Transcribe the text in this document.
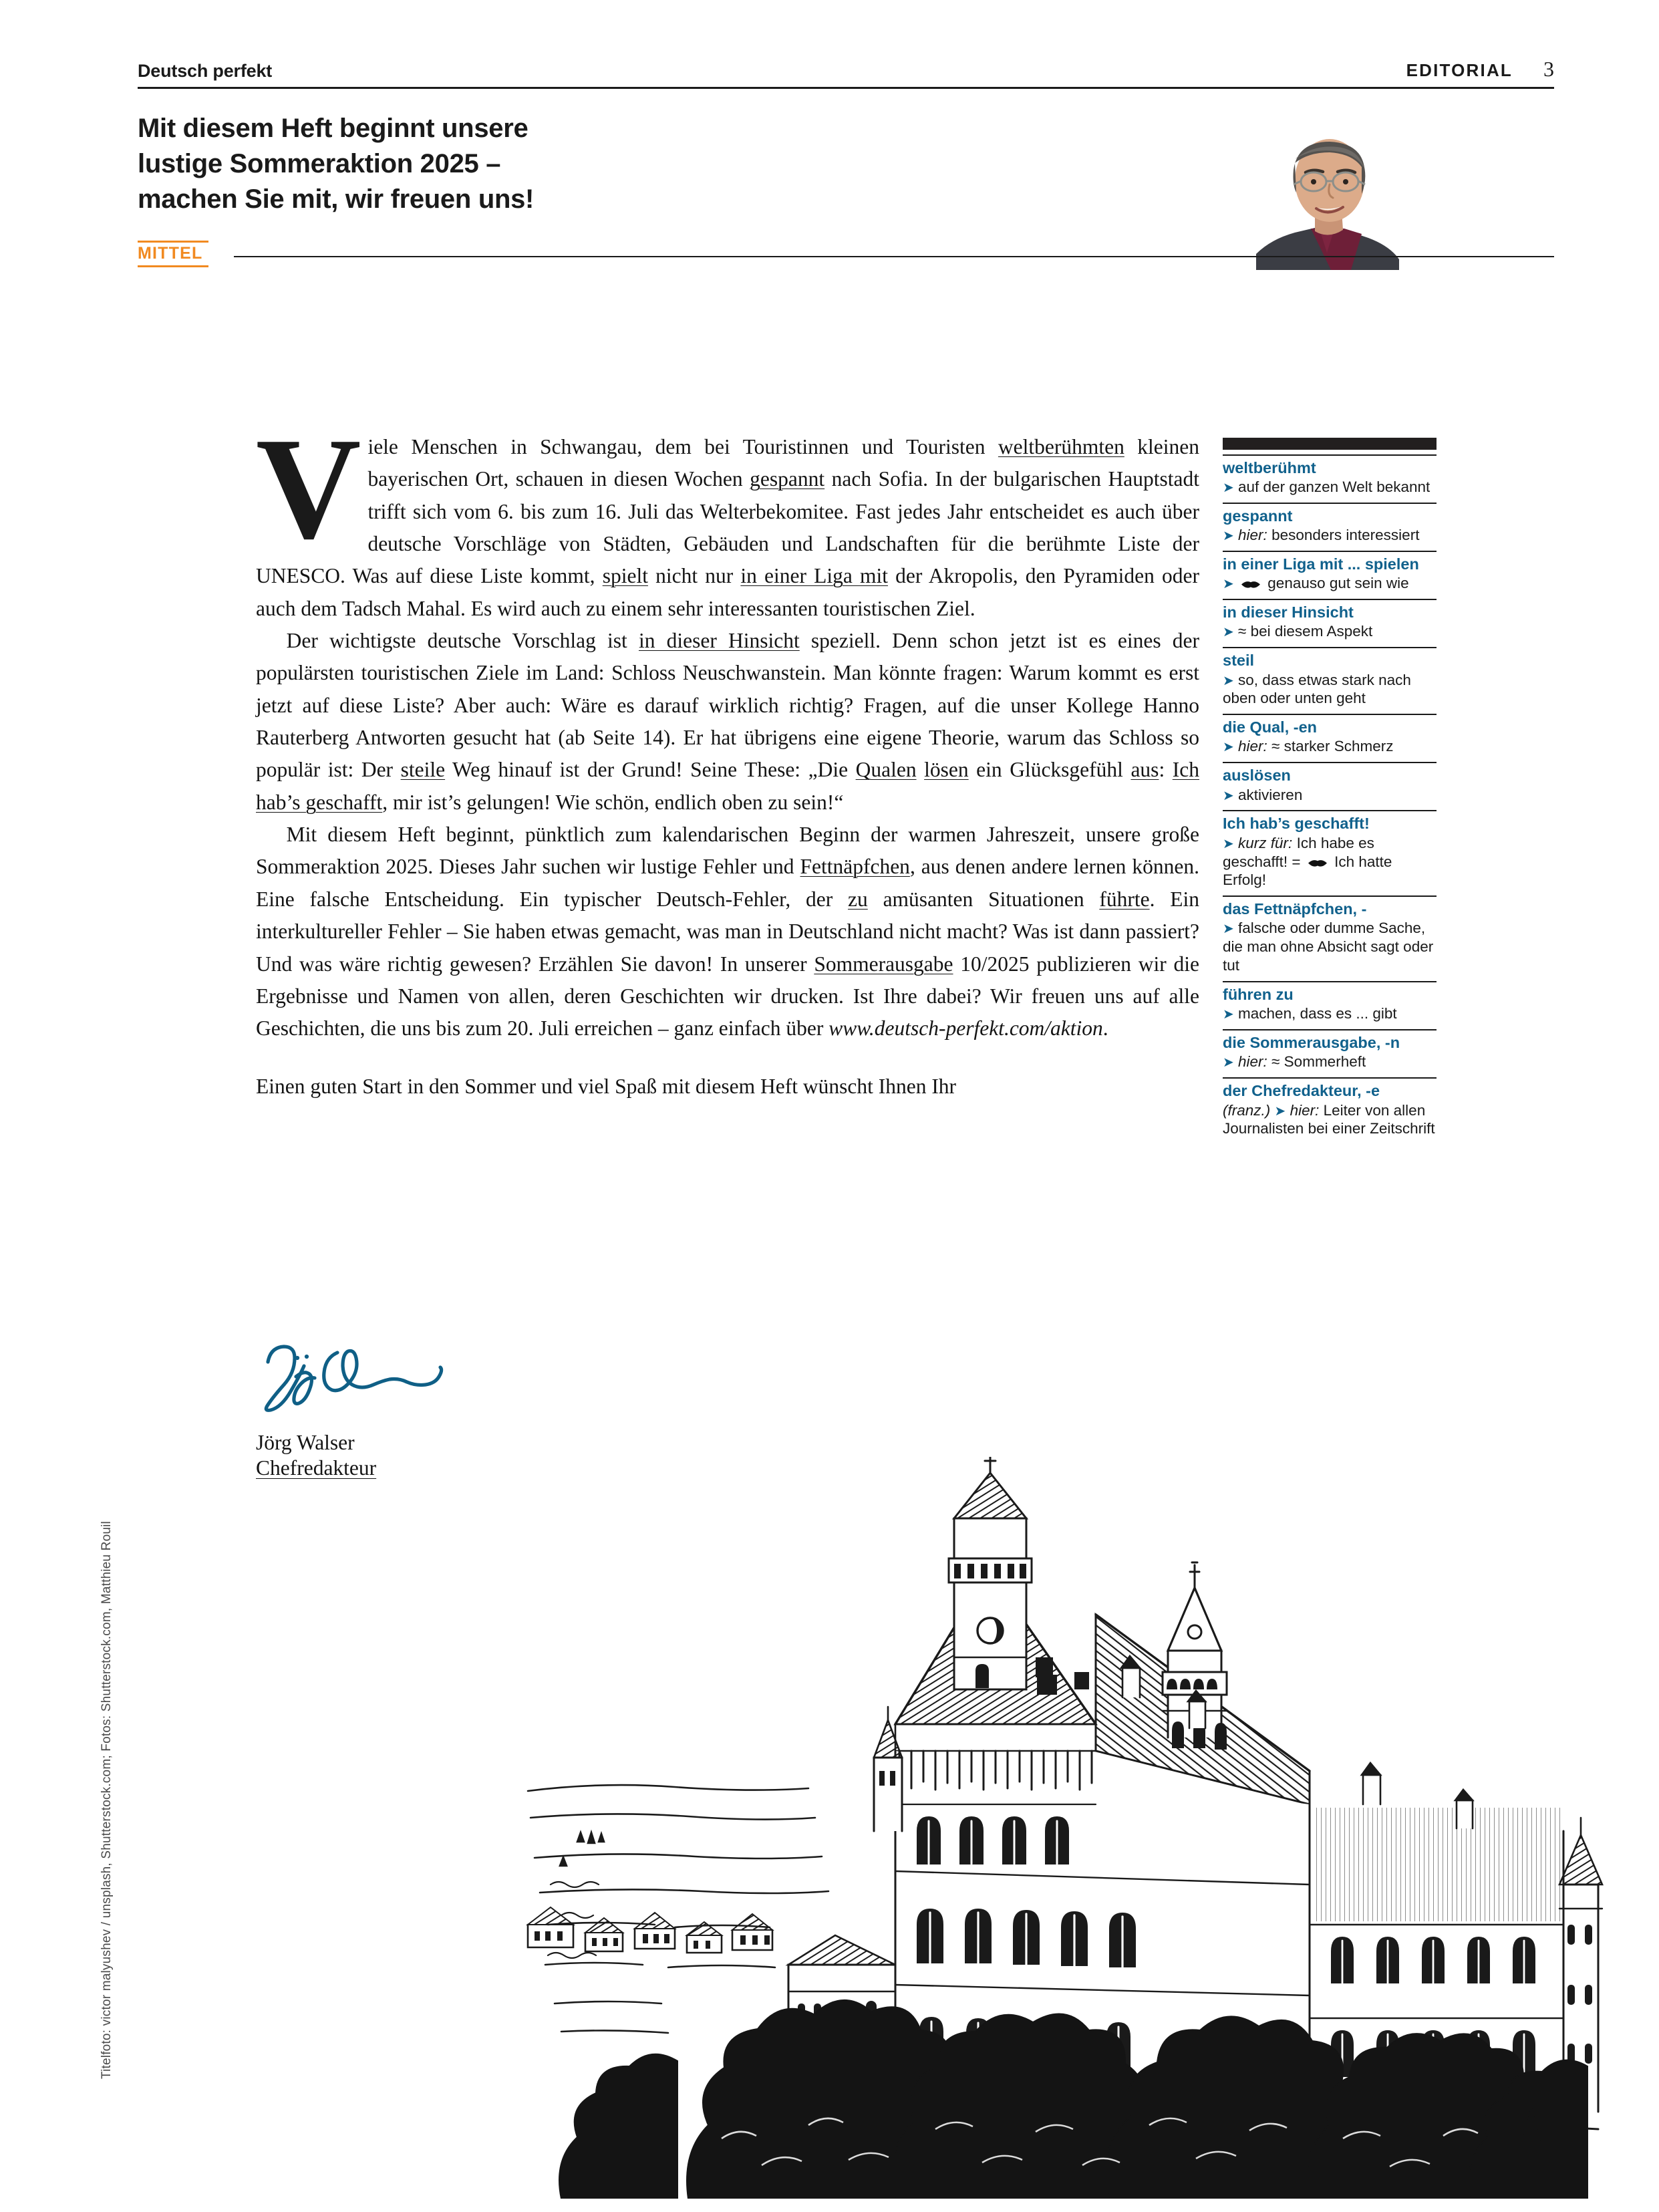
Deutsch perfekt	EDITORIAL 3
Mit diesem Heft beginnt unsere
lustige Sommeraktion 2025 –
machen Sie mit, wir freuen uns!
MITTEL

Viele Menschen in Schwangau, dem bei Touristinnen und Touristen weltberühmten kleinen bayerischen Ort, schauen in diesen Wochen gespannt nach Sofia. In der bulgarischen Hauptstadt trifft sich vom 6. bis zum 16. Juli das Welterbekomitee. Fast jedes Jahr entscheidet es auch über deutsche Vorschläge von Städten, Gebäuden und Landschaften für die berühmte Liste der UNESCO. Was auf diese Liste kommt, spielt nicht nur in einer Liga mit der Akropolis, den Pyramiden oder auch dem Tadsch Mahal. Es wird auch zu einem sehr interessanten touristischen Ziel.

Der wichtigste deutsche Vorschlag ist in dieser Hinsicht speziell. Denn schon jetzt ist es eines der populärsten touristischen Ziele im Land: Schloss Neuschwanstein. Man könnte fragen: Warum kommt es erst jetzt auf diese Liste? Aber auch: Wäre es darauf wirklich richtig? Fragen, auf die unser Kollege Hanno Rauterberg Antworten gesucht hat (ab Seite 14). Er hat übrigens eine eigene Theorie, warum das Schloss so populär ist: Der steile Weg hinauf ist der Grund! Seine These: „Die Qualen lösen ein Glücksgefühl aus: Ich hab’s geschafft, mir ist’s gelungen! Wie schön, endlich oben zu sein!“

Mit diesem Heft beginnt, pünktlich zum kalendarischen Beginn der warmen Jahreszeit, unsere große Sommeraktion 2025. Dieses Jahr suchen wir lustige Fehler und Fettnäpfchen, aus denen andere lernen können. Eine falsche Entscheidung. Ein typischer Deutsch-Fehler, der zu amüsanten Situationen führte. Ein interkultureller Fehler – Sie haben etwas gemacht, was man in Deutschland nicht macht? Was ist dann passiert? Und was wäre richtig gewesen? Erzählen Sie davon! In unserer Sommerausgabe 10/2025 publizieren wir die Ergebnisse und Namen von allen, deren Geschichten wir drucken. Ist Ihre dabei? Wir freuen uns auf alle Geschichten, die uns bis zum 20. Juli erreichen – ganz einfach über www.deutsch-perfekt.com/aktion.

Einen guten Start in den Sommer und viel Spaß mit diesem Heft wünscht Ihnen Ihr

Jörg Walser
Chefredakteur
weltberühmt
➤ auf der ganzen Welt bekannt
gespannt
➤ hier: besonders interessiert
in einer Liga mit ... spielen
➤ genauso gut sein wie
in dieser Hinsicht
➤ ≈ bei diesem Aspekt
steil
➤ so, dass etwas stark nach oben oder unten geht
die Qual, -en
➤ hier: ≈ starker Schmerz
auslösen
➤ aktivieren
Ich hab’s geschafft!
➤ kurz für: Ich habe es geschafft! = Ich hatte Erfolg!
das Fettnäpfchen, -
➤ falsche oder dumme Sache, die man ohne Absicht sagt oder tut
führen zu
➤ machen, dass es ... gibt
die Sommerausgabe, -n
➤ hier: ≈ Sommerheft
der Chefredakteur, -e
(franz.) ➤ hier: Leiter von allen Journalisten bei einer Zeitschrift
Titelfoto: victor malyushev / unsplash, Shutterstock.com; Fotos: Shutterstock.com, Matthieu Rouil
